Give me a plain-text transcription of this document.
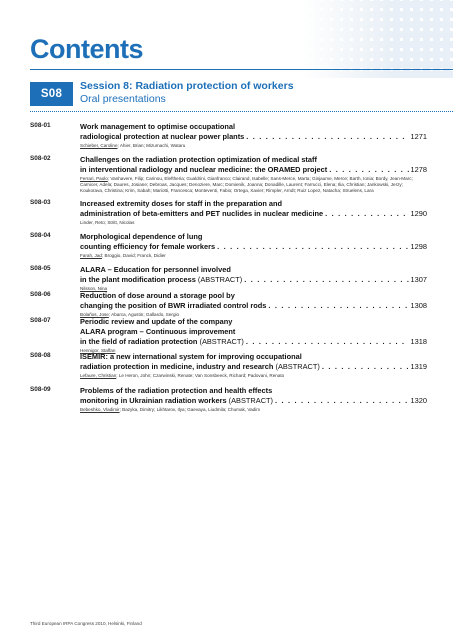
Contents
S08
Session 8: Radiation protection of workers
Oral presentations
S08-01	Work management to optimise occupational
radiological protection at nuclear power plants . . .	1271
Schieber, Caroline; Ahier, Brian; Mizumachi, Wataru
S08-02	Challenges on the radiation protection optimization of medical staff
in interventional radiology and nuclear medicine: the ORAMED project . . .	1278
Ferrari, Paolo; Vanhavere, Filip; Carinou, Eleftheria; Gualdrini, Gianfranco; Clairand, Isabelle; Sans-Merce, Marta; Ginjaume, Merce; Barth, Ionia; Bordy, Jean-Marc; Carnicer, Adela; Daures, Josiane; Debroas, Jacques; Denoziere, Marc; Domienik, Joanna; Donadille, Laurent; Farrucci, Elena; Ilia, Christian; Jankowski, Jerzy; Koukorava, Christina; Krim, Sabah; Mariotti, Francesca; Monteventi, Fabio; Ortega, Xavier; Rimpler, Arndt; Ruiz Lopez, Natacha; Struelens, Lara
S08-03	Increased extremity doses for staff in the preparation and
administration of beta-emitters and PET nuclides in nuclear medicine . . .	1290
Linder, Reto; Stritt, Nicolas
S08-04	Morphological dependence of lung
counting efficiency for female workers . . .	1298
Farah, Jad; Broggio, David; Franck, Didier
S08-05	ALARA – Education for personnel involved
in the plant modification process (ABSTRACT) . . .	1307
Nilsson, Nina
S08-06	Reduction of dose around a storage pool by
changing the position of BWR irradiated control rods . . .	1308
Bolaños, Jose; Abarca, Agustin; Gallardo, Sergio
S08-07	Periodic review and update of the company
ALARA program – Continuous improvement
in the field of radiation protection (ABSTRACT) . . .	1318
Hennigor, Staffan
S08-08	ISEMIR: a new international system for improving occupational
radiation protection in medicine, industry and research (ABSTRACT) . . .	1319
Lefaure, Christian; Le Heron, John; Czarwinski, Renate; Van Sonsbeeck, Richard; Padovani, Renato
S08-09	Problems of the radiation protection and health effects
monitoring in Ukrainian radiation workers (ABSTRACT) . . .	1320
Bebeshko, Vladimir; Bazyka, Dimitry; Likhtarov, Ilya; Gaevaya, Liudmila; Chumak, Vadim
Third European IRPA Congress 2010, Helsinki, Finland
